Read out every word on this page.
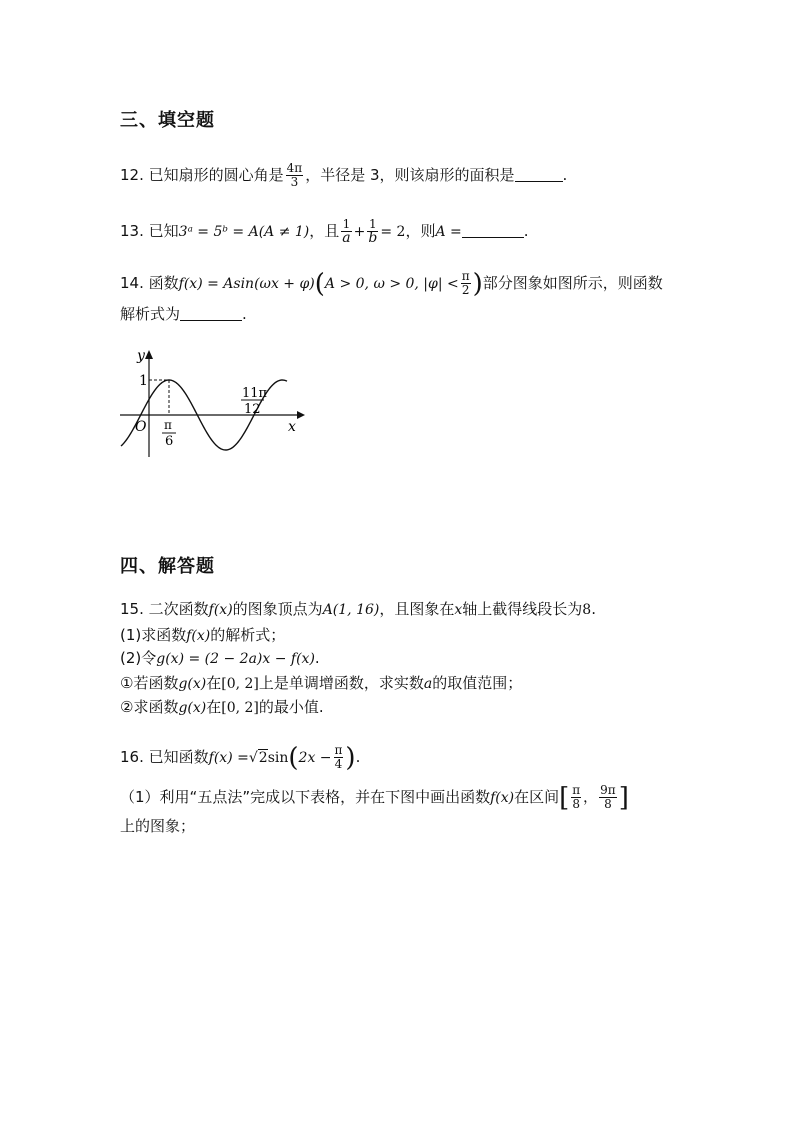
三、填空题
12. 已知扇形的圆心角是 $\frac{4\pi}{3}$ ，半径是 3，则该扇形的面积是	.
13. 已知3ᵃ = 5ᵇ = A(A ≠ 1)，且 $\frac{1}{a} + \frac{1}{b} = 2$，则A =	.
14. 函数f(x) = Asin(ωx + φ)(A > 0, ω > 0, $|\varphi| < \frac{\pi}{2}$ )部分图象如图所示，则函数
解析式为	.
y
x
O
1
π
6
11π
12
四、解答题
15. 二次函数f(x)的图象顶点为A(1, 16)，且图象在x轴上截得线段长为8.
(1)求函数f(x)的解析式；
(2)令g(x) = (2 − 2a)x − f(x).
①若函数g(x)在[0, 2]上是单调增函数，求实数a的取值范围；
②求函数g(x)在[0, 2]的最小值.
16. 已知函数$f(x) =√2\sin(2x - \frac{\pi}{4}$ ).
（1）利用“五点法”完成以下表格，并在下图中画出函数f(x)在区间[ $\frac{\pi}{8}$ ， $\frac{9\pi}{8}$ ]
上的图象；
